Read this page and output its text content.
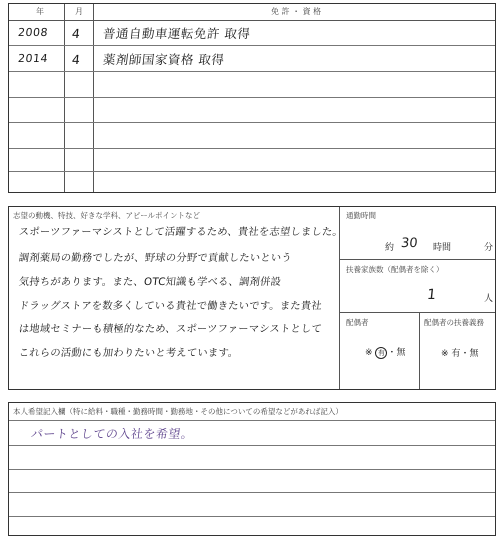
年	月	免 許 ・ 資 格
2008 4 普通自動車運転免許 取得
2014 4 薬剤師国家資格 取得
志望の動機、特技、好きな学科、アピールポイントなど
スポーツファーマシストとして活躍するため、貴社を志望しました。
調剤薬局の勤務でしたが、野球の分野で貢献したいという
気持ちがあります。また、OTC知識も学べる、調剤併設
ドラッグストアを数多くしている貴社で働きたいです。また貴社
は地域セミナーも積極的なため、スポーツファーマシストとして
これらの活動にも加わりたいと考えています。
通勤時間
約 30 時間	分
扶養家族数（配偶者を除く）
1	人
配偶者
※ 有 ・無
配偶者の扶養義務
※ 有・無
本人希望記入欄（特に給料・職種・勤務時間・勤務地・その他についての希望などがあれば記入）
パートとしての入社を希望。
